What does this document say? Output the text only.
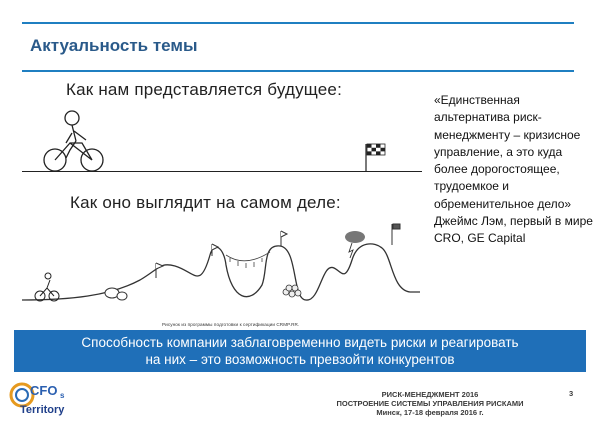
Актуальность темы
Как нам представляется будущее:
Как оно выглядит на самом деле:
Рисунок из программы подготовки к сертификации CRMP.RR.
«Единственная альтернатива риск-менеджменту – кризисное управление, а это куда более дорогостоящее, трудоемкое и обременительное дело»
Джеймс Лэм, первый в мире CRO, GE Capital
Способность компании заблаговременно видеть риски и реагировать
на них – это возможность превзойти конкурентов
CFO s
Territory
РИСК-МЕНЕДЖМЕНТ 2016
ПОСТРОЕНИЕ СИСТЕМЫ УПРАВЛЕНИЯ РИСКАМИ
Минск, 17-18 февраля 2016 г.
3
